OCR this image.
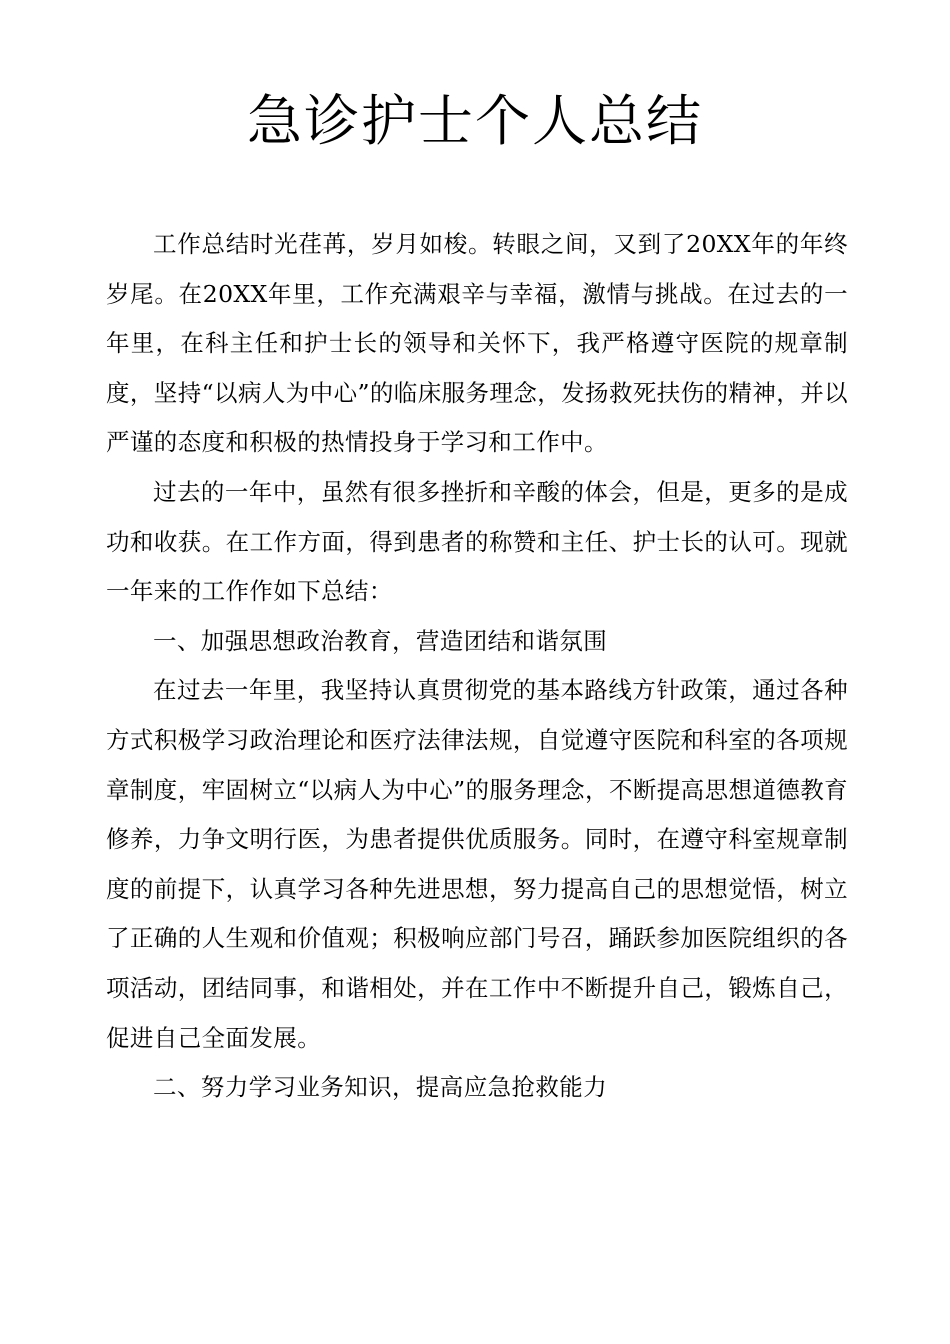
急诊护士个人总结

工作总结时光荏苒，岁月如梭。转眼之间，又到了20XX年的年终岁尾。在20XX年里，工作充满艰辛与幸福，激情与挑战。在过去的一年里，在科主任和护士长的领导和关怀下，我严格遵守医院的规章制度，坚持“以病人为中心”的临床服务理念，发扬救死扶伤的精神，并以严谨的态度和积极的热情投身于学习和工作中。

过去的一年中，虽然有很多挫折和辛酸的体会，但是，更多的是成功和收获。在工作方面，得到患者的称赞和主任、护士长的认可。现就一年来的工作作如下总结：

一、加强思想政治教育，营造团结和谐氛围

在过去一年里，我坚持认真贯彻党的基本路线方针政策，通过各种方式积极学习政治理论和医疗法律法规，自觉遵守医院和科室的各项规章制度，牢固树立“以病人为中心”的服务理念，不断提高思想道德教育修养，力争文明行医，为患者提供优质服务。同时，在遵守科室规章制度的前提下，认真学习各种先进思想，努力提高自己的思想觉悟，树立了正确的人生观和价值观；积极响应部门号召，踊跃参加医院组织的各项活动，团结同事，和谐相处，并在工作中不断提升自己，锻炼自己，促进自己全面发展。

二、努力学习业务知识，提高应急抢救能力
